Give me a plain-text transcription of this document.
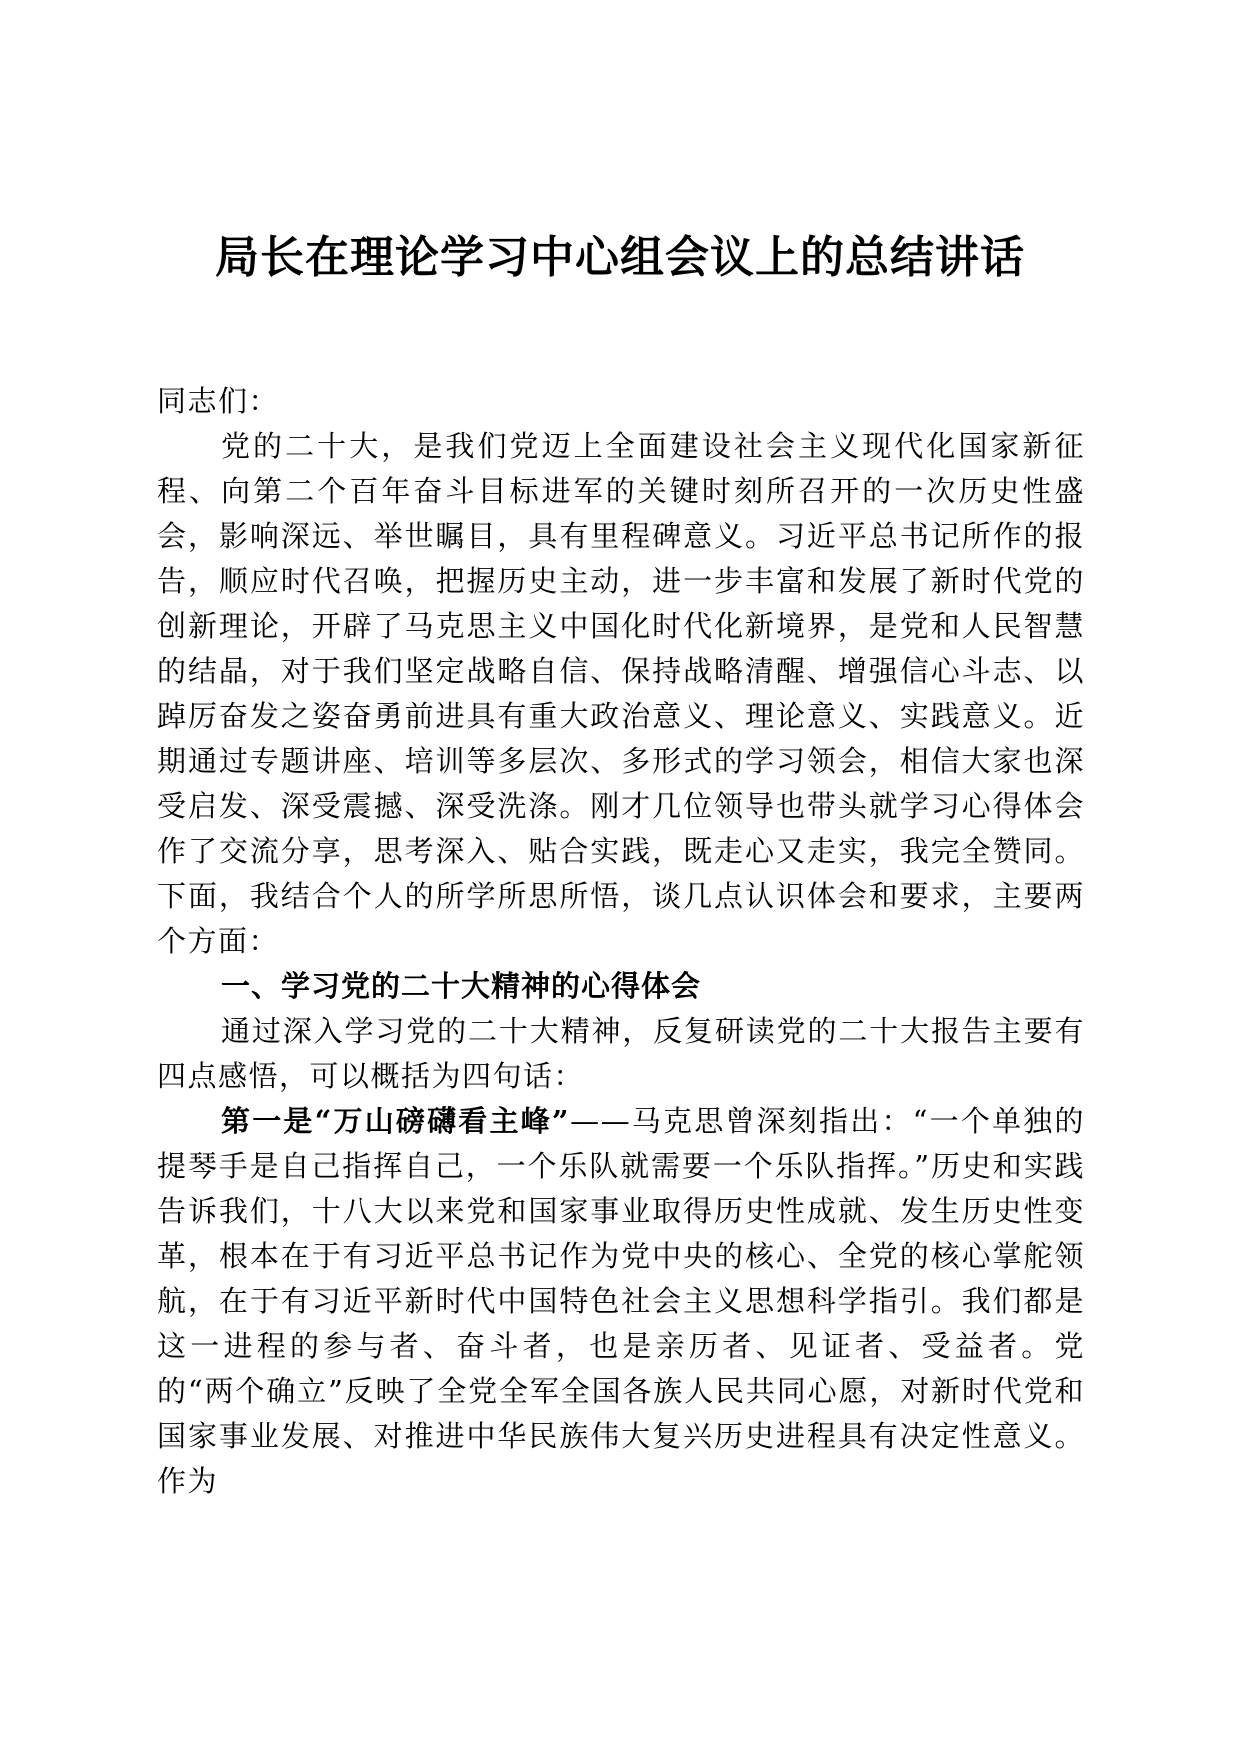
局长在理论学习中心组会议上的总结讲话

同志们：

党的二十大，是我们党迈上全面建设社会主义现代化国家新征程、向第二个百年奋斗目标进军的关键时刻所召开的一次历史性盛会，影响深远、举世瞩目，具有里程碑意义。习近平总书记所作的报告，顺应时代召唤，把握历史主动，进一步丰富和发展了新时代党的创新理论，开辟了马克思主义中国化时代化新境界，是党和人民智慧的结晶，对于我们坚定战略自信、保持战略清醒、增强信心斗志、以踔厉奋发之姿奋勇前进具有重大政治意义、理论意义、实践意义。近期通过专题讲座、培训等多层次、多形式的学习领会，相信大家也深受启发、深受震撼、深受洗涤。刚才几位领导也带头就学习心得体会作了交流分享，思考深入、贴合实践，既走心又走实，我完全赞同。下面，我结合个人的所学所思所悟，谈几点认识体会和要求，主要两个方面：

一、学习党的二十大精神的心得体会

通过深入学习党的二十大精神，反复研读党的二十大报告主要有四点感悟，可以概括为四句话：

第一是“万山磅礴看主峰”——马克思曾深刻指出：“一个单独的提琴手是自己指挥自己，一个乐队就需要一个乐队指挥。”历史和实践告诉我们，十八大以来党和国家事业取得历史性成就、发生历史性变革，根本在于有习近平总书记作为党中央的核心、全党的核心掌舵领航，在于有习近平新时代中国特色社会主义思想科学指引。我们都是这一进程的参与者、奋斗者，也是亲历者、见证者、受益者。党的“两个确立”反映了全党全军全国各族人民共同心愿，对新时代党和国家事业发展、对推进中华民族伟大复兴历史进程具有决定性意义。作为
